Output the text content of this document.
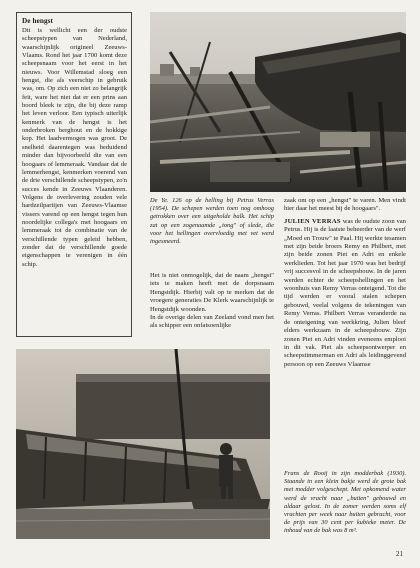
De hengst

Dit is wellicht een der oudste scheepstypen van Nederland, waarschijnlijk origineel Zeeuws-Vlaams. Rond het jaar 1700 komt deze scheepsnaam voor het eerst in het nieuws. Voor Willemstad sloeg een hengst, die als veerschip in gebruik was, om. Op zich een niet zo belangrijk feit, ware het niet dat er een prins aan boord bleek te zijn, die bij deze ramp het leven verloor. Een typisch uiterlijk kenmerk van de hengst is het onderbroken berghout en de hokkige kop. Het laadvermogen was groot. De snelheid daarentegen was beduidend minder dan bijvoorbeeld die van een hoogaars of lemmeraak. Vandaar dat de lemmerhengst, kenmerken voerend van de drie verschillende scheepstypen, zo'n succes kende in Zeeuws Vlaanderen. Volgens de overlevering zouden vele hardzeilpartijen van Zeeuws-Vlaamse vissers varend op een hengst tegen hun noordelijke collega's met hoogaars en lemmeraak tot de combinatie van de verschillende typen geleid hebben, zonder dat de verschillende goede eigenschappen te verenigen in één schip.

De Ye. 126 op de helling bij Petrus Verras (1954). De schepen werden toen nog omhoog getrokken over een uitgeholde balk. Het schip zat op een zogenaamde „tong" of slede, die voor het hellingen overvloedig met vet werd ingesmeerd.

Het is niet onmogelijk, dat de naam „hengst" iets te maken heeft met de dorpsnaam Hengstdijk. Hierbij valt op te merken dat de vroegere generaties De Klerk waarschijnlijk te Hengstdijk woonden.

In de overige delen van Zeeland vond men het als schipper een onfatsoenlijke

zaak om op een „hengst" te varen. Men vindt hier daar het meest bij de hoogaars".

JULIEN VERRAS was de oudste zoon van Petrus. Hij is de laatste beheerder van de werf „Moed en Trouw" te Paal. Hij werkte tesamen met zijn beide broers Remy en Philbert, met zijn beide zonen Piet en Adri en enkele werklieden. Tot het jaar 1970 was het bedrijf vrij succesvol in de scheepsbouw. In de jaren werden echter de scheepshellingen en het woonhuis van Remy Verras onteigend. Tot die tijd werden er vooral stalen schepen gebouwd, veelal volgens de tekeningen van Remy Verras. Philbert Verras veranderde na de onteigening van werkkring, Julien bleef elders werkzaam in de scheepsbouw. Zijn zonen Piet en Adri vinden eveneens emplooi in dit vak. Piet als scheepsontwerper en scheepstimmerman en Adri als leidinggevend persoon op een Zeeuws Vlaamse

Frans de Rooij in zijn modderbak (1930). Staande in een klein bakje werd de grote bak met modder volgeschept. Met opkomend water werd de vracht naar „buiten" gebouwd en aldaar gelost. In de zomer werden soms elf vrachten per week naar buiten gebracht, voor de prijs van 30 cent per kubieke meter. De inhoud van de bak was 8 m³.

21
